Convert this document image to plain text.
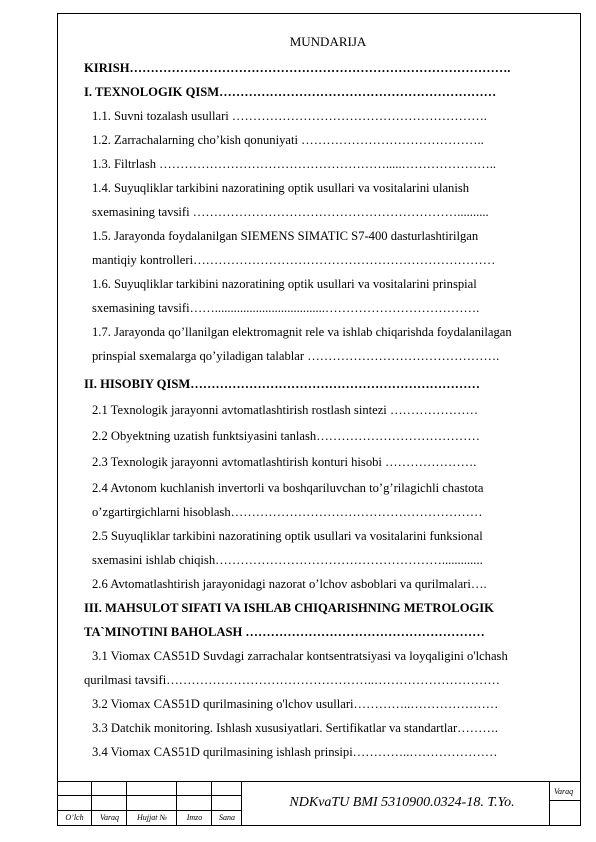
MUNDARIJA
KIRISH……………………………………………………………………………….
I. TEXNOLOGIK QISM…………………………………………………………
1.1. Suvni tozalash usullari …………………………………………………….
1.2. Zarrachalarning cho’kish qonuniyati ……………………………………..
1.3. Filtrlash ……………………………………………….....…………………..
1.4. Suyuqliklar tarkibini nazoratining optik usullari va vositalarini ulanish
sxemasining tavsifi ………………………………………………………..........
1.5. Jarayonda foydalanilgan SIEMENS SIMATIC S7-400 dasturlashtirilgan
mantiqiy kontrolleri………………………………………………………………
1.6. Suyuqliklar tarkibini nazoratining optik usullari va vositalarini prinspial
sxemasining tavsifi……...................................……………………………….
1.7. Jarayonda qo’llanilgan elektromagnit rele va ishlab chiqarishda foydalanilagan
prinspial sxemalarga qo’yiladigan talablar ……………………………………….
II. HISOBIY QISM……………………………………………………………
2.1 Texnologik jarayonni avtomatlashtirish rostlash sintezi …………………
2.2 Obyektning uzatish funktsiyasini tanlash…………………………………
2.3 Texnologik jarayonni avtomatlashtirish konturi hisobi ………………….
2.4 Avtonom kuchlanish invertorli va boshqariluvchan to’g’rilagichli chastota
o’zgartirgichlarni hisoblash……………………………………………………
2.5 Suyuqliklar tarkibini nazoratining optik usullari va vositalarini funksional
sxemasini ishlab chiqish……………………………………………….............
2.6 Avtomatlashtirish jarayonidagi nazorat o’lchov asboblari va qurilmalari….
III. MAHSULOT SIFATI VA ISHLAB CHIQARISHNING METROLOGIK
TA`MINOTINI BAHOLASH …………………………………………………
3.1 Viomax CAS51D Suvdagi zarrachalar kontsentratsiyasi va loyqaligini o'lchash
qurilmasi tavsifi…………………………………………..…………………………
3.2 Viomax CAS51D qurilmasining o'lchov usullari…………..…………………
3.3 Datchik monitoring. Ishlash xususiyatlari. Sertifikatlar va standartlar……….
3.4 Viomax CAS51D qurilmasining ishlash prinsipi…………..…………………
O’lch	Varaq	Hujjat №	Imzo	Sana
NDKvaTU BMI 5310900.0324-18. T.Yo.
Varaq
